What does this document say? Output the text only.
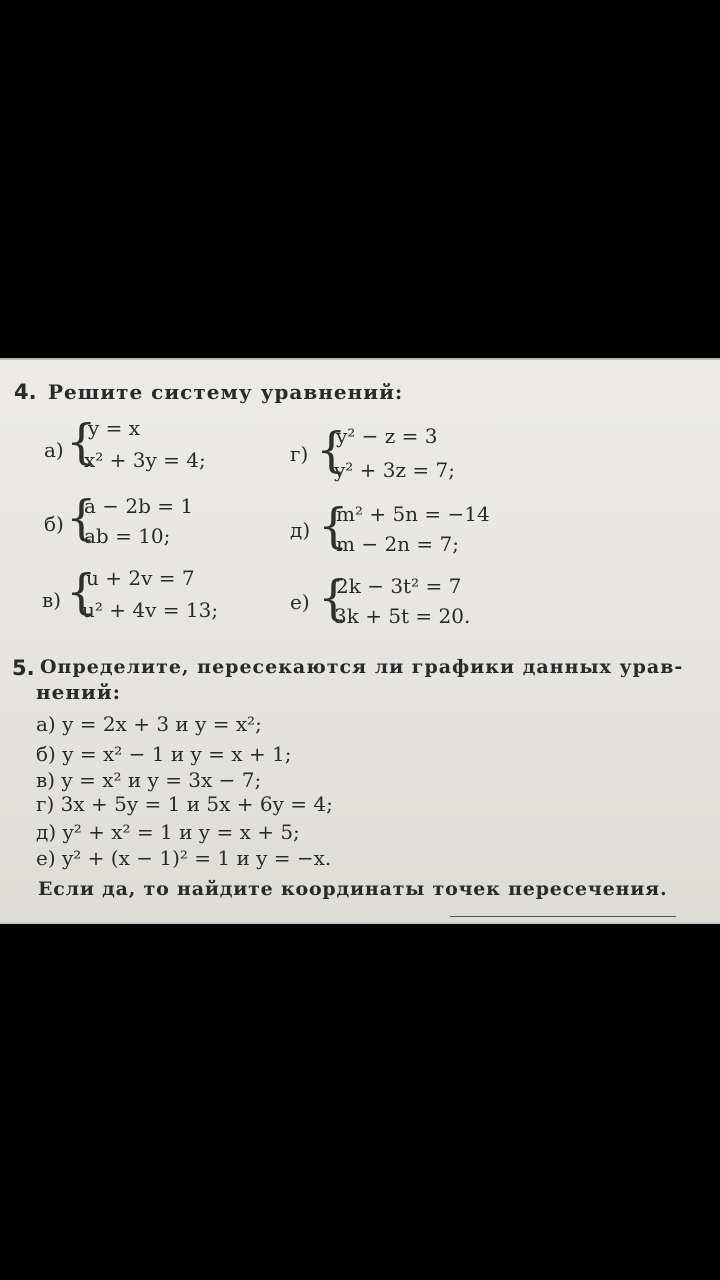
4. Решите систему уравнений:
а) {
y = x
x² + 3y = 4;
б) {
a − 2b = 1
ab = 10;
в) {
u + 2v = 7
u² + 4v = 13;
г) {
y² − z = 3
y² + 3z = 7;
д) {
m² + 5n = −14
m − 2n = 7;
е) {
2k − 3t² = 7
3k + 5t = 20.
5. Определите, пересекаются ли графики данных урав-
нений:
а) y = 2x + 3 и y = x²;
б) y = x² − 1 и y = x + 1;
в) y = x² и y = 3x − 7;
г) 3x + 5y = 1 и 5x + 6y = 4;
д) y² + x² = 1 и y = x + 5;
е) y² + (x − 1)² = 1 и y = −x.
Если да, то найдите координаты точек пересечения.
